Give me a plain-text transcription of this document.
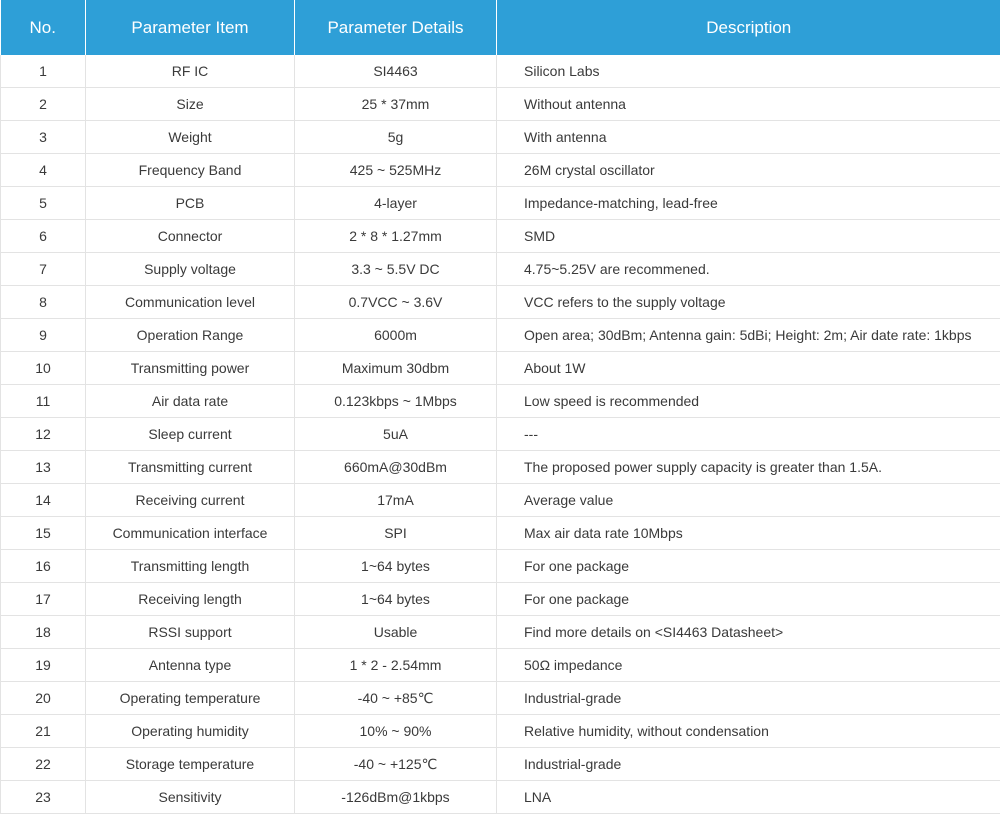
No.	Parameter Item	Parameter Details	Description
1	RF IC	SI4463	Silicon Labs
2	Size	25 * 37mm	Without antenna
3	Weight	5g	With antenna
4	Frequency Band	425 ~ 525MHz	26M crystal oscillator
5	PCB	4-layer	Impedance-matching, lead-free
6	Connector	2 * 8 * 1.27mm	SMD
7	Supply voltage	3.3 ~ 5.5V DC	4.75~5.25V are recommened.
8	Communication level	0.7VCC ~ 3.6V	VCC refers to the supply voltage
9	Operation Range	6000m	Open area; 30dBm; Antenna gain: 5dBi; Height: 2m; Air date rate: 1kbps
10	Transmitting power	Maximum 30dbm	About 1W
11	Air data rate	0.123kbps ~ 1Mbps	Low speed is recommended
12	Sleep current	5uA	---
13	Transmitting current	660mA@30dBm	The proposed power supply capacity is greater than 1.5A.
14	Receiving current	17mA	Average value
15	Communication interface	SPI	Max air data rate 10Mbps
16	Transmitting length	1~64 bytes	For one package
17	Receiving length	1~64 bytes	For one package
18	RSSI support	Usable	Find more details on <SI4463 Datasheet>
19	Antenna type	1 * 2 - 2.54mm	50Ω impedance
20	Operating temperature	-40 ~ +85℃	Industrial-grade
21	Operating humidity	10% ~ 90%	Relative humidity, without condensation
22	Storage temperature	-40 ~ +125℃	Industrial-grade
23	Sensitivity	-126dBm@1kbps	LNA
